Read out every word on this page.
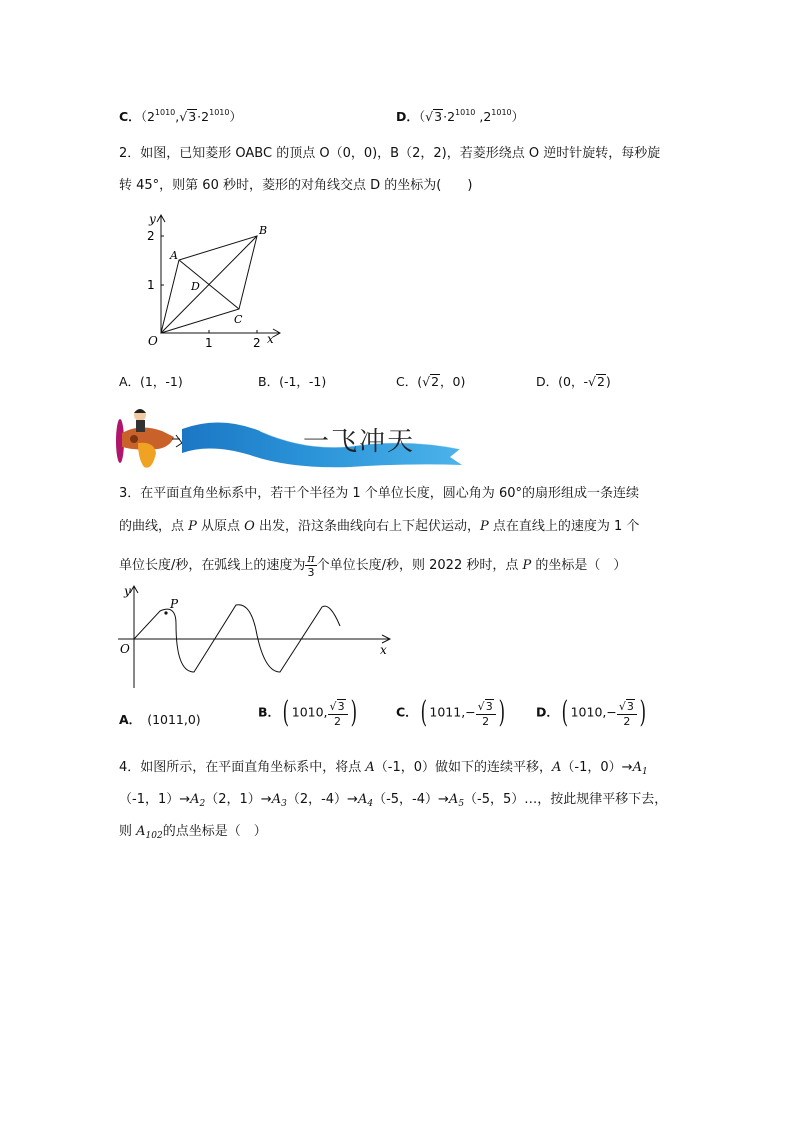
C．$(2^{1010},√3\cdot 2^{1010})$	D．（$√3\cdot 2^{1010}$ $,2^{1010}$）
2．如图，已知菱形 OABC 的顶点 O（0，0)，B（2，2)，若菱形绕点 O 逆时针旋转，每秒旋
转 45°，则第 60 秒时，菱形的对角线交点 D 的坐标为(　　)
y
x
O	1	2
1
2
A
B
C
D
A．(1，-1)	B．(-1，-1)	C．(√2，0)	D．(0，-√2)
一飞冲天
3．在平面直角坐标系中，若干个半径为 1 个单位长度，圆心角为 60°的扇形组成一条连续
的曲线，点 P 从原点 O 出发，沿这条曲线向右上下起伏运动，P 点在直线上的速度为 1 个
单位长度/秒，在弧线上的速度为 $\frac{\pi}{3}$ 个单位长度/秒，则 2022 秒时，点 P 的坐标是（　）
y
x
O
P
A． (1011,0)	B．( 1010, $\frac{√3}{2}$ )	C．( $1011,- \frac{√3}{2}$ ) D．( $1010,- \frac{√3}{2}$ )
4．如图所示，在平面直角坐标系中，将点 A（-1，0）做如下的连续平移，A（-1，$0)\to A_1$
（-1，$1)\to A_2(2$，$1)\to A_3(2$，$-4)\to A_4(-5$，$-4)\to A_5(-5$，5）…，按此规律平移下去，
则 $A_{102}$的点坐标是（　）
